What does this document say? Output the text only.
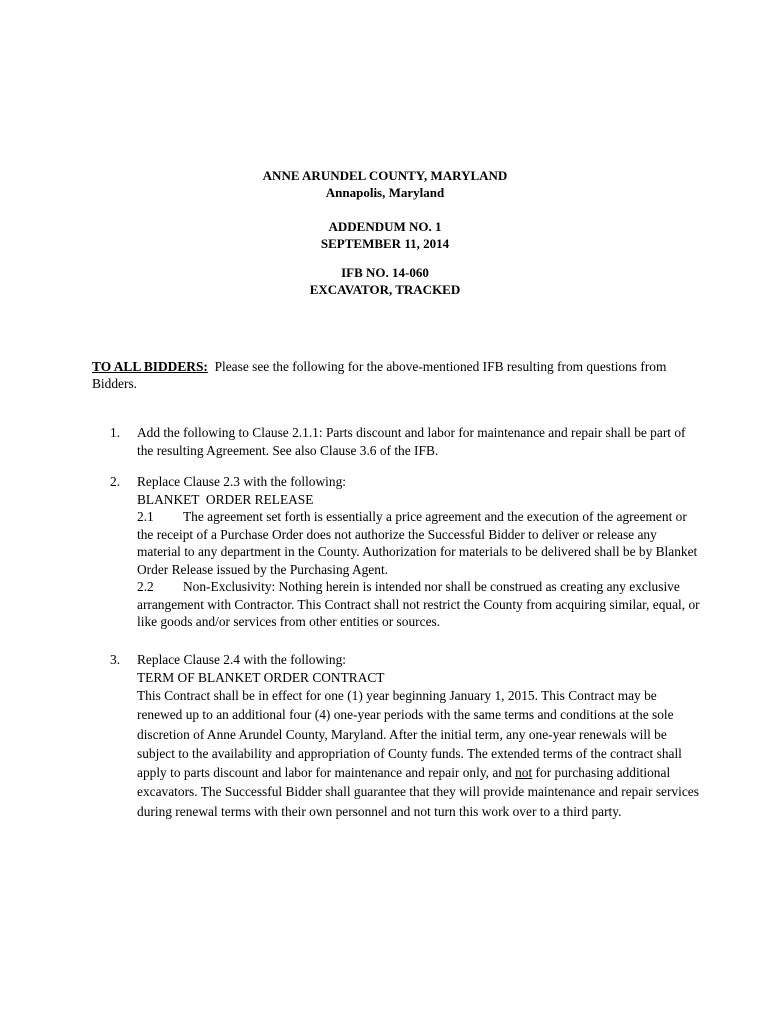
ANNE ARUNDEL COUNTY, MARYLAND
Annapolis, Maryland
ADDENDUM NO. 1
SEPTEMBER 11, 2014
IFB NO. 14-060
EXCAVATOR, TRACKED
TO ALL BIDDERS: Please see the following for the above-mentioned IFB resulting from questions from Bidders.
1.	Add the following to Clause 2.1.1: Parts discount and labor for maintenance and repair shall be part of the resulting Agreement. See also Clause 3.6 of the IFB.
2.	Replace Clause 2.3 with the following:
BLANKET  ORDER RELEASE
2.1 The agreement set forth is essentially a price agreement and the execution of the agreement or the receipt of a Purchase Order does not authorize the Successful Bidder to deliver or release any material to any department in the County. Authorization for materials to be delivered shall be by Blanket Order Release issued by the Purchasing Agent.
2.2 Non-Exclusivity: Nothing herein is intended nor shall be construed as creating any exclusive arrangement with Contractor. This Contract shall not restrict the County from acquiring similar, equal, or like goods and/or services from other entities or sources.
3.	Replace Clause 2.4 with the following:
TERM OF BLANKET ORDER CONTRACT
This Contract shall be in effect for one (1) year beginning January 1, 2015. This Contract may be renewed up to an additional four (4) one-year periods with the same terms and conditions at the sole discretion of Anne Arundel County, Maryland. After the initial term, any one-year renewals will be subject to the availability and appropriation of County funds. The extended terms of the contract shall apply to parts discount and labor for maintenance and repair only, and not for purchasing additional excavators. The Successful Bidder shall guarantee that they will provide maintenance and repair services during renewal terms with their own personnel and not turn this work over to a third party.
